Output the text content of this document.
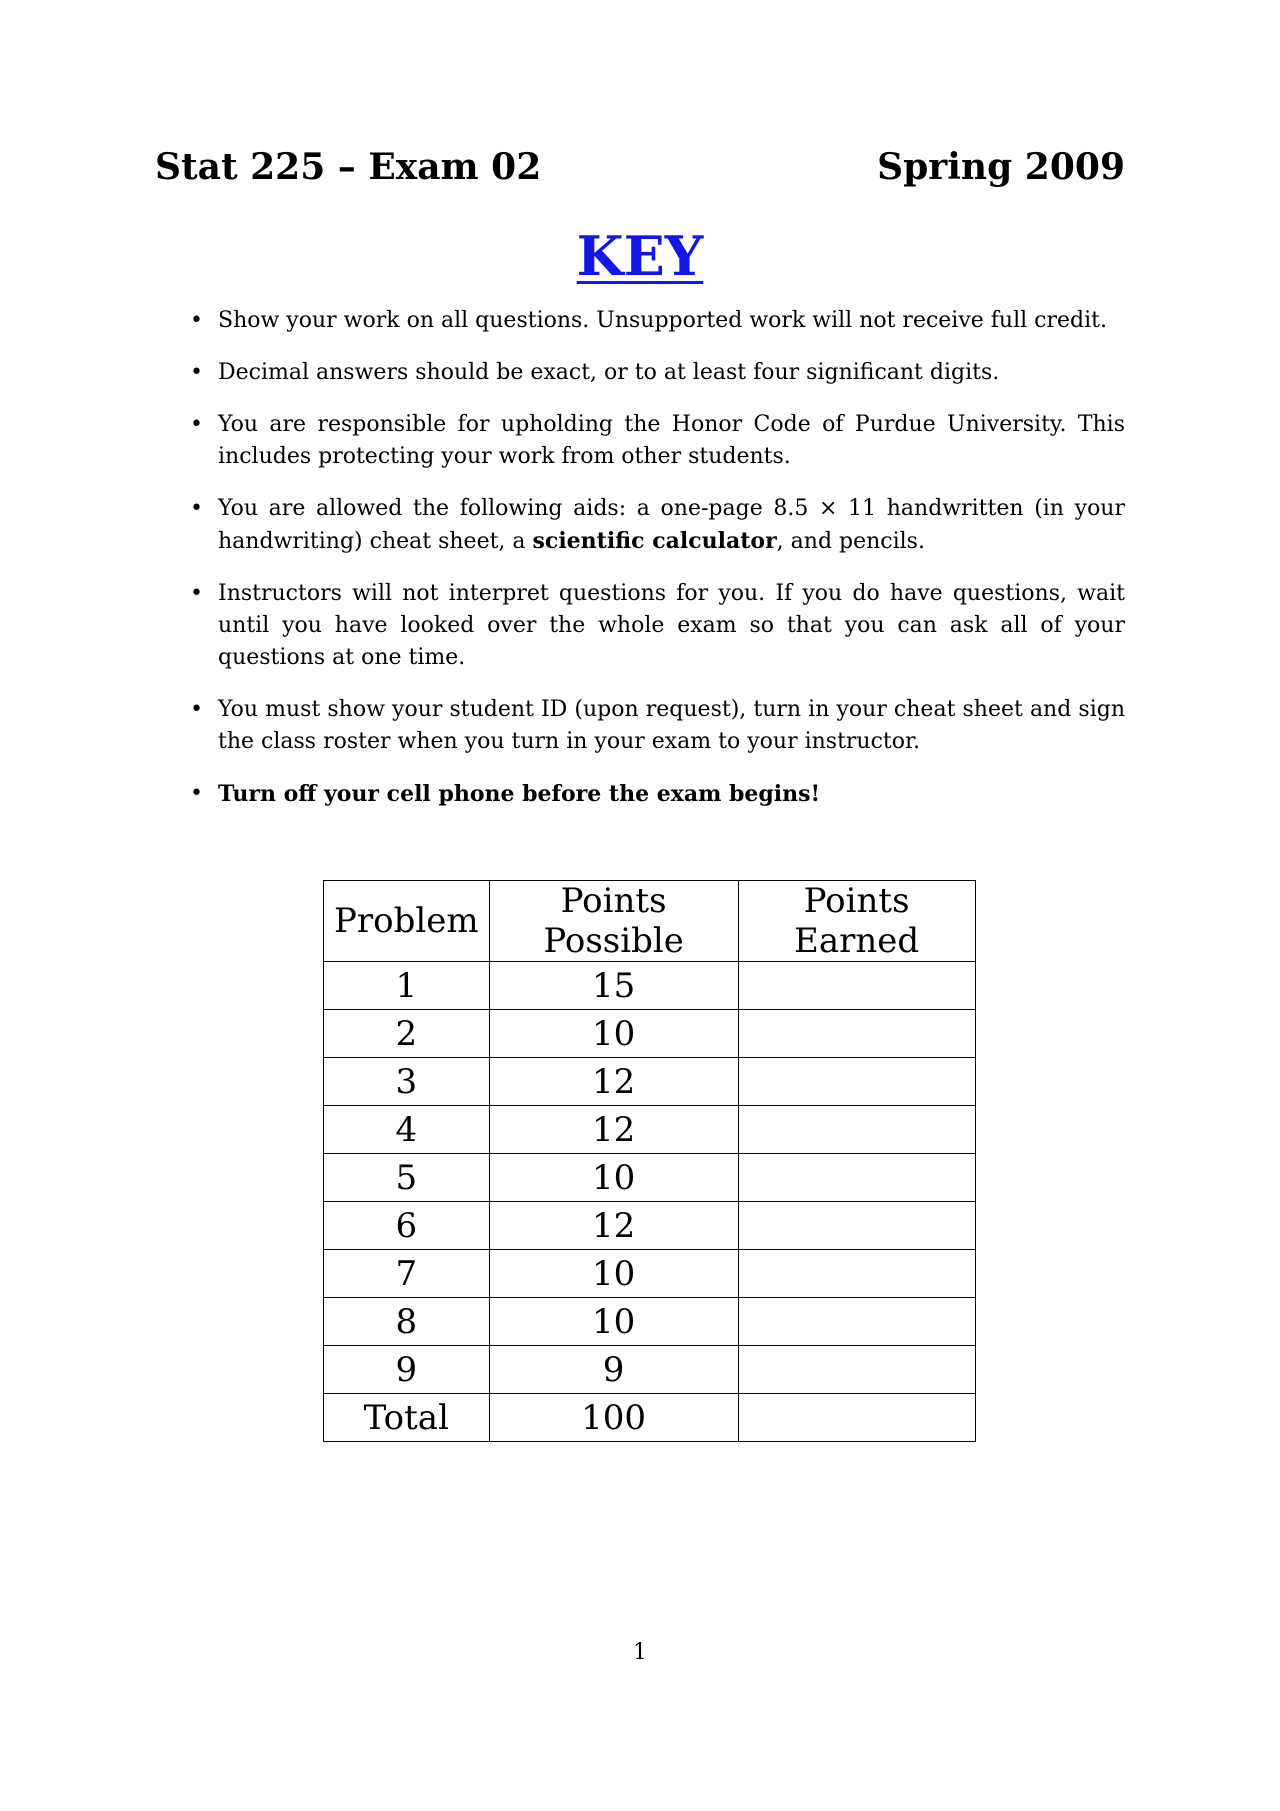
Stat 225 – Exam 02	Spring 2009
KEY
• Show your work on all questions. Unsupported work will not receive full credit.
• Decimal answers should be exact, or to at least four significant digits.
• You are responsible for upholding the Honor Code of Purdue University. This includes protecting your work from other students.
• You are allowed the following aids: a one-page 8.5 × 11 handwritten (in your handwriting) cheat sheet, a scientific calculator, and pencils.
• Instructors will not interpret questions for you. If you do have questions, wait until you have looked over the whole exam so that you can ask all of your questions at one time.
• You must show your student ID (upon request), turn in your cheat sheet and sign the class roster when you turn in your exam to your instructor.
• Turn off your cell phone before the exam begins!
Problem	Points Possible	Points Earned
1	15	
2	10	
3	12	
4	12	
5	10	
6	12	
7	10	
8	10	
9	9	
Total	100	
1
